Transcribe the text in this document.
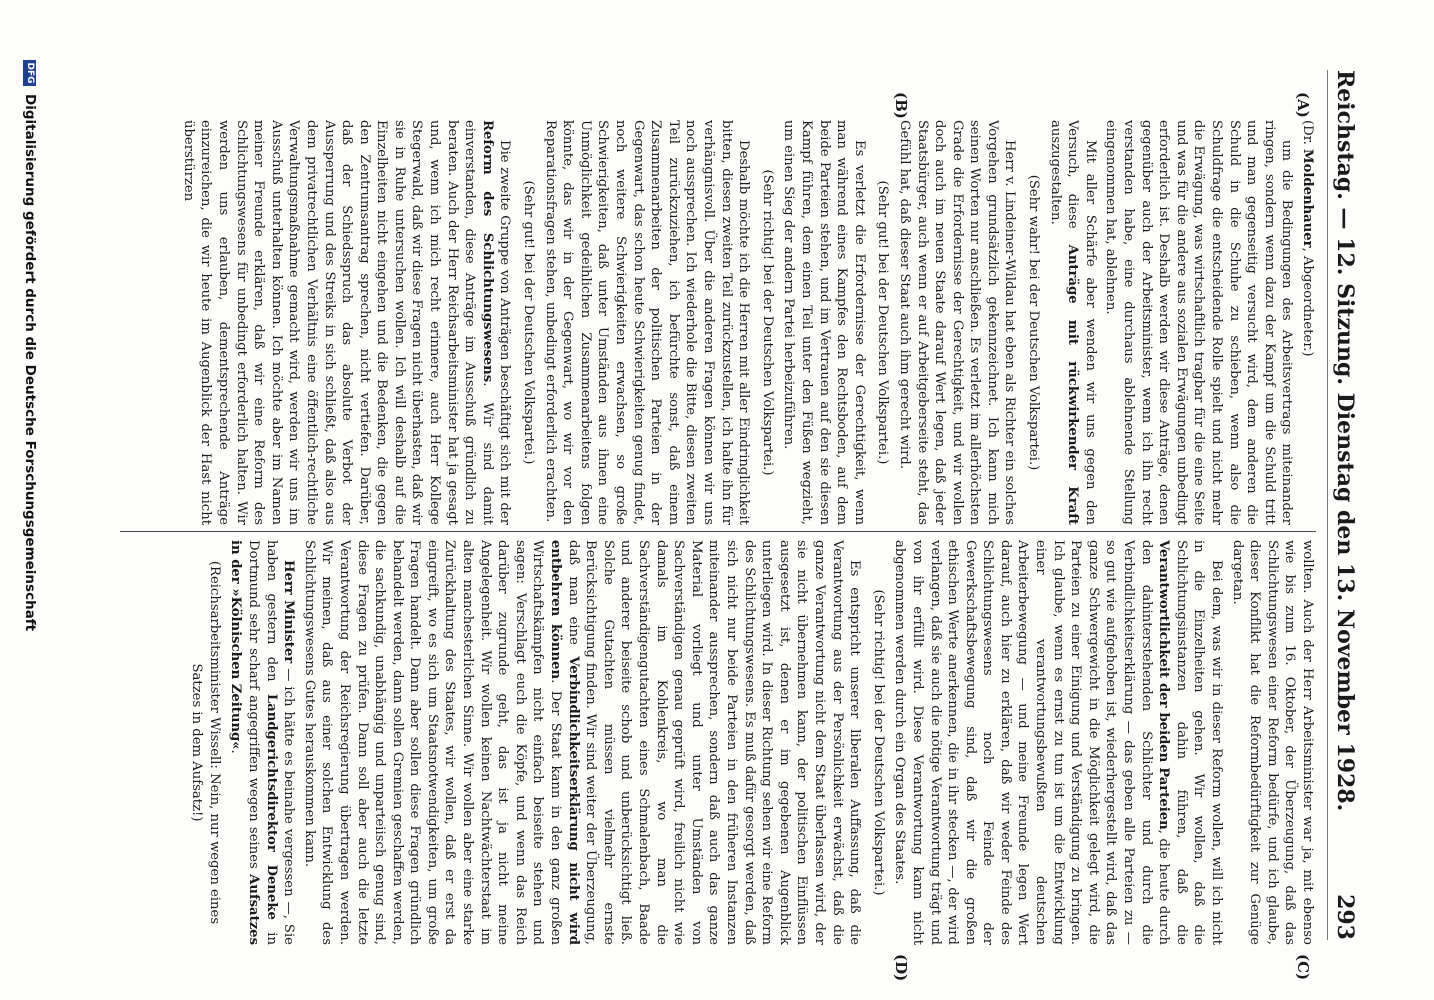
Reichstag. — 12. Sitzung. Dienstag den 13. November 1928.
293
(A)
(B)
(C)
(D)

(Dr. Moldenhauer, Abgeordneter.)

um die Bedingungen des Arbeitsvertrags miteinander ringen, sondern wenn dazu der Kampf um die Schuld tritt und man gegenseitig versucht wird, dem anderen die Schuld in die Schuhe zu schieben, wenn also die Schuldfrage die entscheidende Rolle spielt und nicht mehr die Erwägung, was wirtschaftlich tragbar für die eine Seite und was für die andere aus sozialen Erwägungen unbedingt erforderlich ist. Deshalb werden wir diese Anträge, denen gegenüber auch der Arbeitsminister, wenn ich ihn recht verstanden habe, eine durchaus ablehnende Stellung eingenommen hat, ablehnen.

Mit aller Schärfe aber wenden wir uns gegen den Versuch, diese Anträge mit rückwirkender Kraft auszugestalten.

(Sehr wahr! bei der Deutschen Volkspartei.)

Herr v. Lindeiner-Wildau hat eben als Richter ein solches Vorgehen grundsätzlich gekennzeichnet. Ich kann mich seinen Worten nur anschließen. Es verletzt im allerhöchsten Grade die Erfordernisse der Gerechtigkeit, und wir wollen doch auch im neuen Staate darauf Wert legen, daß jeder Staatsbürger, auch wenn er auf Arbeitgeberseite steht, das Gefühl hat, daß dieser Staat auch ihm gerecht wird.

(Sehr gut! bei der Deutschen Volkspartei.)

Es verletzt die Erfordernisse der Gerechtigkeit, wenn man während eines Kampfes den Rechtsboden, auf dem beide Parteien stehen, und im Vertrauen auf den sie diesen Kampf führen, dem einen Teil unter den Füßen wegzieht, um einen Sieg der andern Partei herbeizuführen.

(Sehr richtig! bei der Deutschen Volkspartei.)

Deshalb möchte ich die Herren mit aller Eindringlichkeit bitten, diesen zweiten Teil zurückzustellen, ich halte ihn für verhängnisvoll. Über die anderen Fragen können wir uns noch aussprechen. Ich wiederhole die Bitte, diesen zweiten Teil zurückzuziehen, ich befürchte sonst, daß einem Zusammenarbeiten der politischen Parteien in der Gegenwart, das schon heute Schwierigkeiten genug findet, noch weitere Schwierigkeiten erwachsen, so große Schwierigkeiten, daß unter Umständen aus ihnen eine Unmöglichkeit gedeihlichen Zusammenarbeitens folgen könnte, das wir in der Gegenwart, wo wir vor den Reparationsfragen stehen, unbedingt erforderlich erachten.

(Sehr gut! bei der Deutschen Volkspartei.)

Die zweite Gruppe von Anträgen beschäftigt sich mit der Reform des Schlichtungswesens. Wir sind damit einverstanden, diese Anträge im Ausschuß gründlich zu beraten. Auch der Herr Reichsarbeitsminister hat ja gesagt und, wenn ich mich recht erinnere, auch Herr Kollege Stegerwald, daß wir diese Fragen nicht überhasten, daß wir sie in Ruhe untersuchen wollen. Ich will deshalb auf die Einzelheiten nicht eingehen und die Bedenken, die gegen den Zentrumsantrag sprechen, nicht vertiefen. Darüber, daß der Schiedsspruch das absolute Verbot der Aussperrung und des Streiks in sich schließt, daß also aus dem privatrechtlichen Verhältnis eine öffentlich-rechtliche Verwaltungsmaßnahme gemacht wird, werden wir uns im Ausschuß unterhalten können. Ich möchte aber im Namen meiner Freunde erklären, daß wir eine Reform des Schlichtungswesens für unbedingt erforderlich halten. Wir werden uns erlauben, dementsprechende Anträge einzureichen, die wir heute im Augenblick der Hast nicht überstürzen

wollten. Auch der Herr Arbeitsminister war ja, mit ebenso wie bis zum 16. Oktober, der Überzeugung, daß das Schlichtungswesen einer Reform bedürfe, und ich glaube, dieser Konflikt hat die Reformbedürftigkeit zur Genüge dargetan.

Bei dem, was wir in dieser Reform wollen, will ich nicht in die Einzelheiten gehen. Wir wollen, daß die Schlichtungsinstanzen dahin führen, daß die Verantwortlichkeit der beiden Parteien, die heute durch den dahinterstehenden Schlichter und durch die Verbindlichkeitserklärung — das geben alle Parteien zu — so gut wie aufgehoben ist, wiederhergestellt wird, daß das ganze Schwergewicht in die Möglichkeit gelegt wird, die Parteien zu einer Einigung und Verständigung zu bringen. Ich glaube, wenn es ernst zu tun ist um die Entwicklung einer verantwortungsbewußten deutschen Arbeiterbewegung — und meine Freunde legen Wert darauf, auch hier zu erklären, daß wir weder Feinde des Schlichtungswesens noch Feinde der Gewerkschaftsbewegung sind, daß wir die großen ethischen Werte anerkennen, die in ihr stecken —, der wird verlangen, daß sie auch die nötige Verantwortung trägt und von ihr erfüllt wird. Diese Verantwortung kann nicht abgenommen werden durch ein Organ des Staates.

(Sehr richtig! bei der Deutschen Volkspartei.)

Es entspricht unserer liberalen Auffassung, daß die Verantwortung aus der Persönlichkeit erwächst, daß die ganze Verantwortung nicht dem Staat überlassen wird, der sie nicht übernehmen kann, der politischen Einflüssen ausgesetzt ist, denen er im gegebenen Augenblick unterliegen wird. In dieser Richtung sehen wir eine Reform des Schlichtungswesens. Es muß dafür gesorgt werden, daß sich nicht nur beide Parteien in den früheren Instanzen miteinander aussprechen, sondern daß auch das ganze Material vorliegt und unter Umständen von Sachverständigen genau geprüft wird, freilich nicht wie damals im Kohlenkreis, wo man die Sachverständigengutachten eines Schmalenbach, Baade und anderer beiseite schob und unberücksichtigt ließ. Solche Gutachten müssen vielmehr ernste Berücksichtigung finden. Wir sind weiter der Überzeugung, daß man eine Verbindlichkeitserklärung nicht wird entbehren können. Der Staat kann in den ganz großen Wirtschaftskämpfen nicht einfach beiseite stehen und sagen: Verschlagt euch die Köpfe, und wenn das Reich darüber zugrunde geht, das ist ja nicht meine Angelegenheit. Wir wollen keinen Nachtwächterstaat im alten manchesterlichen Sinne. Wir wollen aber eine starke Zurückhaltung des Staates, wir wollen, daß er erst da eingreift, wo es sich um Staatsnotwendigkeiten, um große Fragen handelt. Dann aber sollen diese Fragen gründlich behandelt werden, dann sollen Gremien geschaffen werden, die sachkundig, unabhängig und unparteiisch genug sind, diese Fragen zu prüfen. Dann soll aber auch die letzte Verantwortung der Reichsregierung übertragen werden. Wir meinen, daß aus einer solchen Entwicklung des Schlichtungswesens Gutes herauskommen kann.

Herr Minister — ich hätte es beinahe vergessen —, Sie haben gestern den Landgerichtsdirektor Deneke in Dortmund sehr scharf angegriffen wegen seines Aufsatzes in der »Kölnischen Zeitung«.

(Reichsarbeitsminister Wissell: Nein, nur wegen eines Satzes in dem Aufsatz!)

DFG
Digitalisierung gefördert durch die Deutsche Forschungsgemeinschaft
